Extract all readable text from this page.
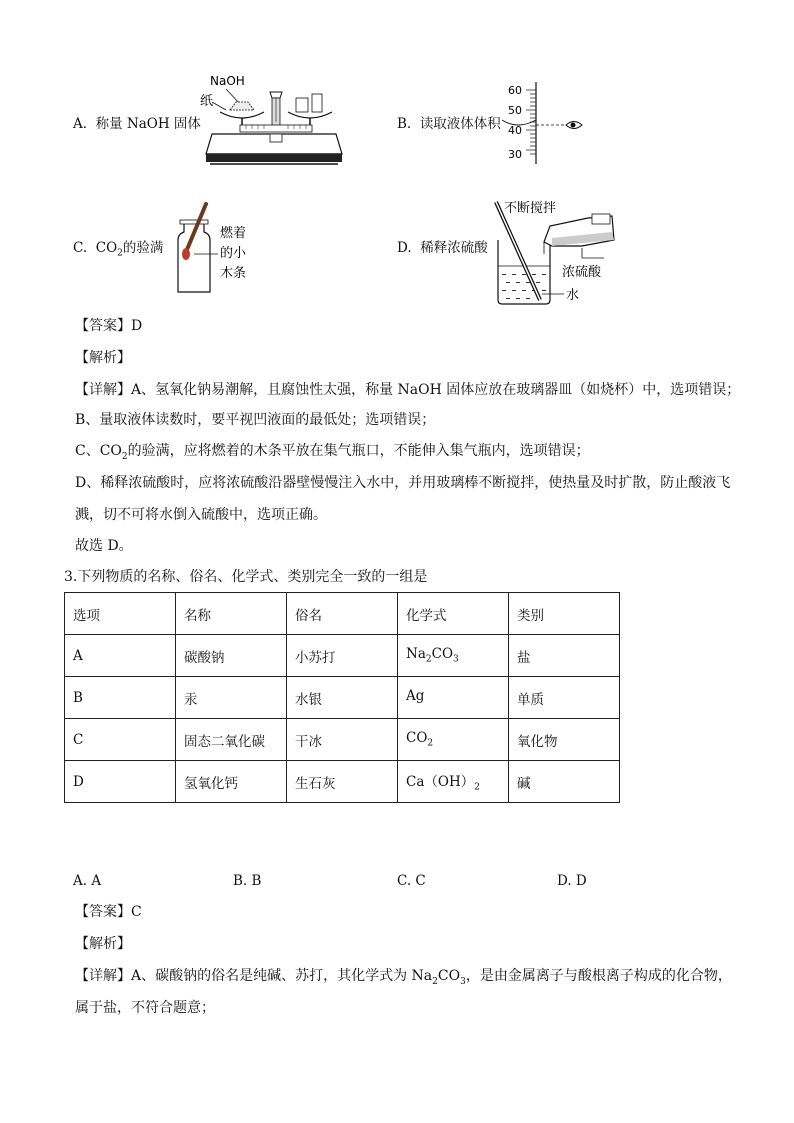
A. 称量 NaOH 固体
NaOH
纸
B. 读取液体体积
60
50
40
30
C. $CO_2$的验满
燃着
的小
木条
D. 稀释浓硫酸
不断搅拌
浓硫酸
水
【答案】D
【解析】
【详解】A、氢氧化钠易潮解，且腐蚀性太强，称量 NaOH 固体应放在玻璃器皿（如烧杯）中，选项错误；
B、量取液体读数时，要平视凹液面的最低处；选项错误；
C、$CO_2$的验满，应将燃着的木条平放在集气瓶口，不能伸入集气瓶内，选项错误；
D、稀释浓硫酸时，应将浓硫酸沿器壁慢慢注入水中，并用玻璃棒不断搅拌，使热量及时扩散，防止酸液飞
溅，切不可将水倒入硫酸中，选项正确。
故选 D。
3.下列物质的名称、俗名、化学式、类别完全一致的一组是
选项	名称	俗名	化学式	类别
A	碳酸钠	小苏打	$Na_2CO_3$	盐
B	汞	水银	Ag	单质
C	固态二氧化碳	干冰	$CO_2$	氧化物
D	氢氧化钙	生石灰	$Ca(OH)_2$	碱
A. A	B. B	C. C	D. D
【答案】C
【解析】
【详解】A、碳酸钠的俗名是纯碱、苏打，其化学式为 $Na_2CO_3$，是由金属离子与酸根离子构成的化合物，
属于盐，不符合题意；
